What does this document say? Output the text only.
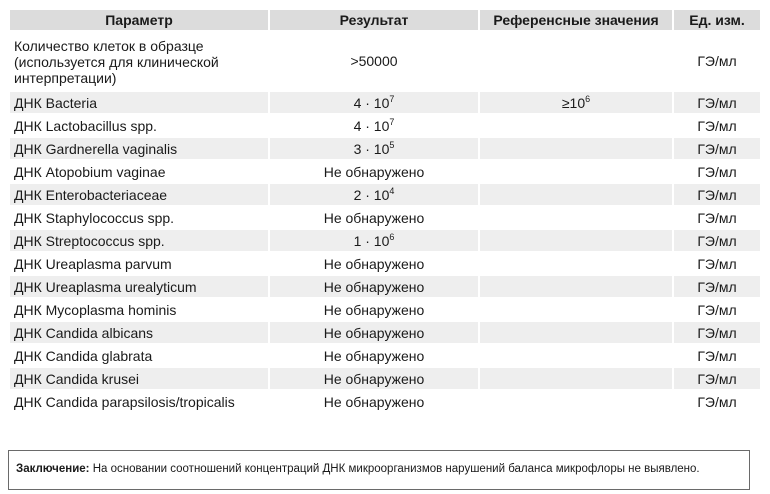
Параметр	Результат	Референсные значения	Ед. изм.
Количество клеток в образце (используется для клинической интерпретации)	>50000		ГЭ/мл
ДНК Bacteria	$4 \cdot 10^7$	$\ge 10^6$	ГЭ/мл
ДНК Lactobacillus spp.	$4 \cdot 10^7$		ГЭ/мл
ДНК Gardnerella vaginalis	$3 \cdot 10^5$		ГЭ/мл
ДНК Atopobium vaginae	Не обнаружено		ГЭ/мл
ДНК Enterobacteriaceae	$2 \cdot 10^4$		ГЭ/мл
ДНК Staphylococcus spp.	Не обнаружено		ГЭ/мл
ДНК Streptococcus spp.	$1 \cdot 10^6$		ГЭ/мл
ДНК Ureaplasma parvum	Не обнаружено		ГЭ/мл
ДНК Ureaplasma urealyticum	Не обнаружено		ГЭ/мл
ДНК Mycoplasma hominis	Не обнаружено		ГЭ/мл
ДНК Candida albicans	Не обнаружено		ГЭ/мл
ДНК Candida glabrata	Не обнаружено		ГЭ/мл
ДНК Candida krusei	Не обнаружено		ГЭ/мл
ДНК Candida parapsilosis/tropicalis	Не обнаружено		ГЭ/мл
Заключение: На основании соотношений концентраций ДНК микроорганизмов нарушений баланса микрофлоры не выявлено.
